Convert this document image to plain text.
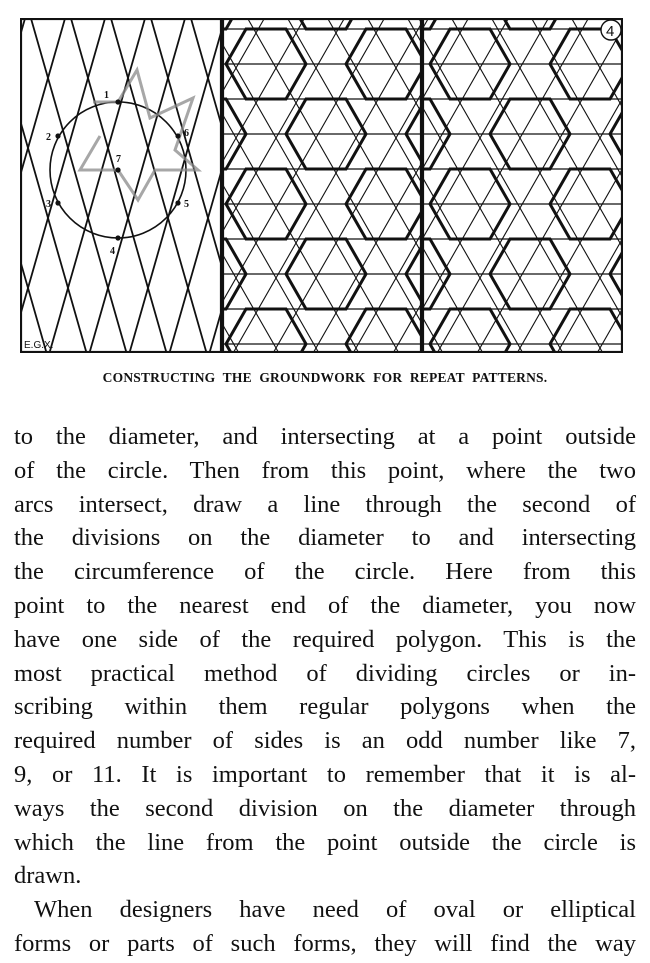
1
2
3
4
5
6
7
E.G.X.
4
CONSTRUCTING THE GROUNDWORK FOR REPEAT PATTERNS.
to the diameter, and intersecting at a point outside
of the circle. Then from this point, where the two
arcs intersect, draw a line through the second of
the divisions on the diameter to and intersecting
the circumference of the circle. Here from this
point to the nearest end of the diameter, you now
have one side of the required polygon. This is the
most practical method of dividing circles or in-
scribing within them regular polygons when the
required number of sides is an odd number like 7,
9, or 11. It is important to remember that it is al-
ways the second division on the diameter through
which the line from the point outside the circle is
drawn.
When designers have need of oval or elliptical
forms or parts of such forms, they will find the way
